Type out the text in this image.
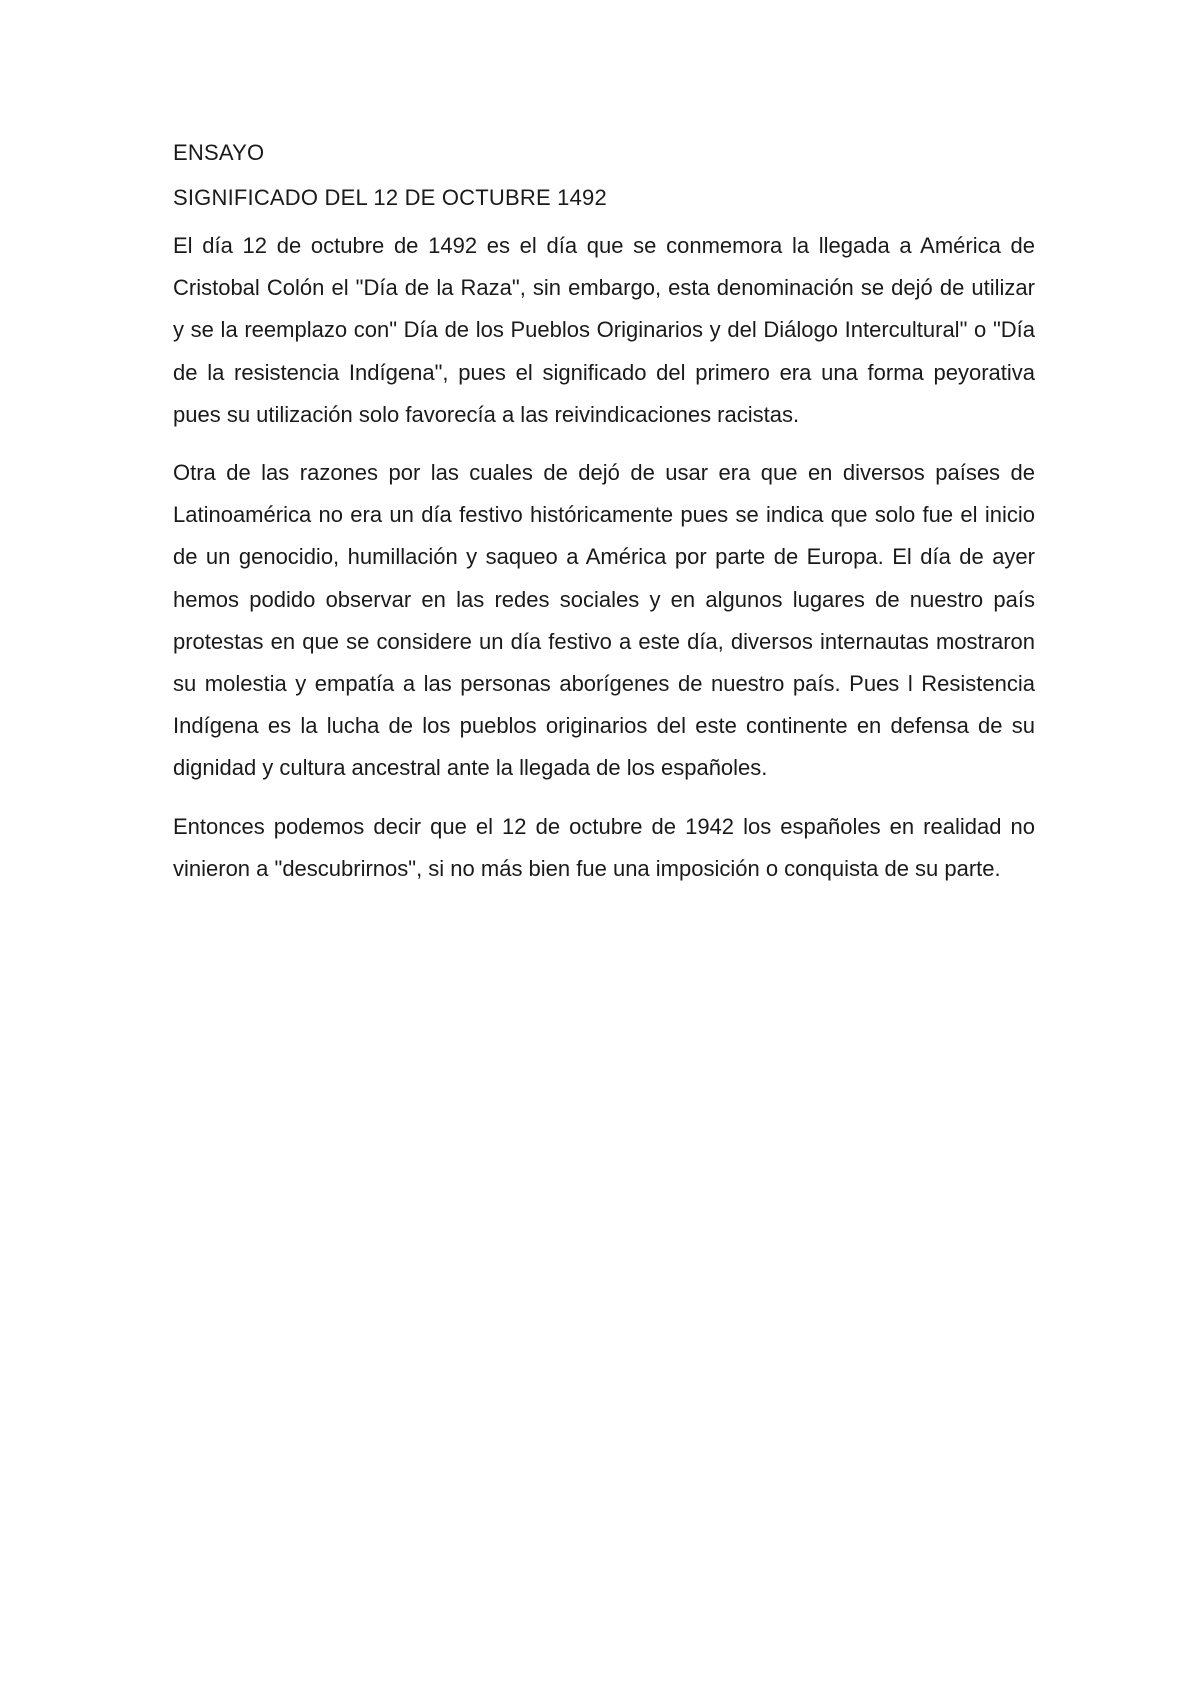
ENSAYO
SIGNIFICADO DEL 12 DE OCTUBRE 1492

El día 12 de octubre de 1492 es el día que se conmemora la llegada a América de Cristobal Colón el "Día de la Raza", sin embargo, esta denominación se dejó de utilizar y se la reemplazo con" Día de los Pueblos Originarios y del Diálogo Intercultural" o "Día de la resistencia Indígena", pues el significado del primero era una forma peyorativa pues su utilización solo favorecía a las reivindicaciones racistas.

Otra de las razones por las cuales de dejó de usar era que en diversos países de Latinoamérica no era un día festivo históricamente pues se indica que solo fue el inicio de un genocidio, humillación y saqueo a América por parte de Europa. El día de ayer hemos podido observar en las redes sociales y en algunos lugares de nuestro país protestas en que se considere un día festivo a este día, diversos internautas mostraron su molestia y empatía a las personas aborígenes de nuestro país. Pues l Resistencia Indígena es la lucha de los pueblos originarios del este continente en defensa de su dignidad y cultura ancestral ante la llegada de los españoles.

Entonces podemos decir que el 12 de octubre de 1942 los españoles en realidad no vinieron a "descubrirnos", si no más bien fue una imposición o conquista de su parte.
